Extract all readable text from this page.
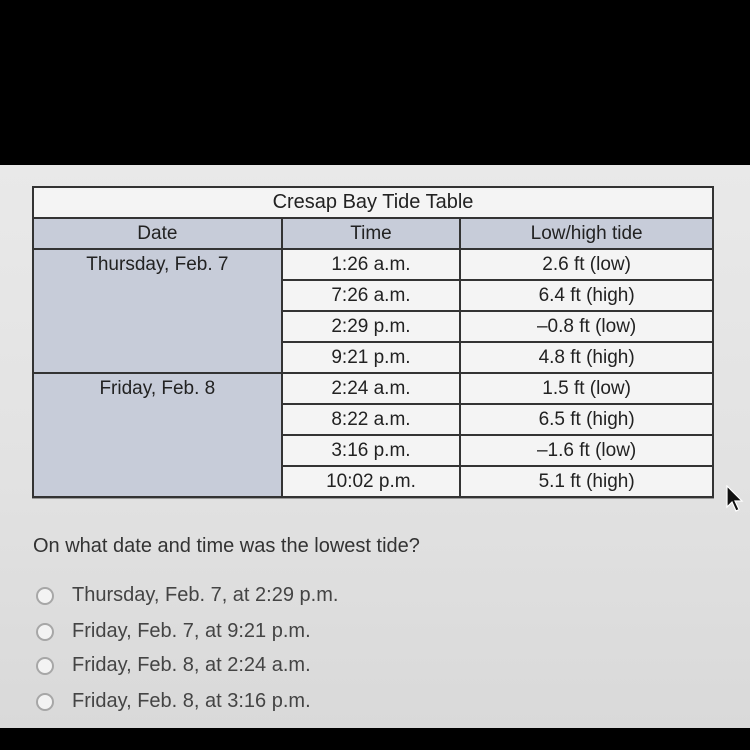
Cresap Bay Tide Table		
Date	Time	Low/high tide
Thursday, Feb. 7	1:26 a.m.	2.6 ft (low)
	7:26 a.m.	6.4 ft (high)
	2:29 p.m.	–0.8 ft (low)
	9:21 p.m.	4.8 ft (high)
Friday, Feb. 8	2:24 a.m.	1.5 ft (low)
	8:22 a.m.	6.5 ft (high)
	3:16 p.m.	–1.6 ft (low)
	10:02 p.m.	5.1 ft (high)
On what date and time was the lowest tide?
Thursday, Feb. 7, at 2:29 p.m.
Friday, Feb. 7, at 9:21 p.m.
Friday, Feb. 8, at 2:24 a.m.
Friday, Feb. 8, at 3:16 p.m.
